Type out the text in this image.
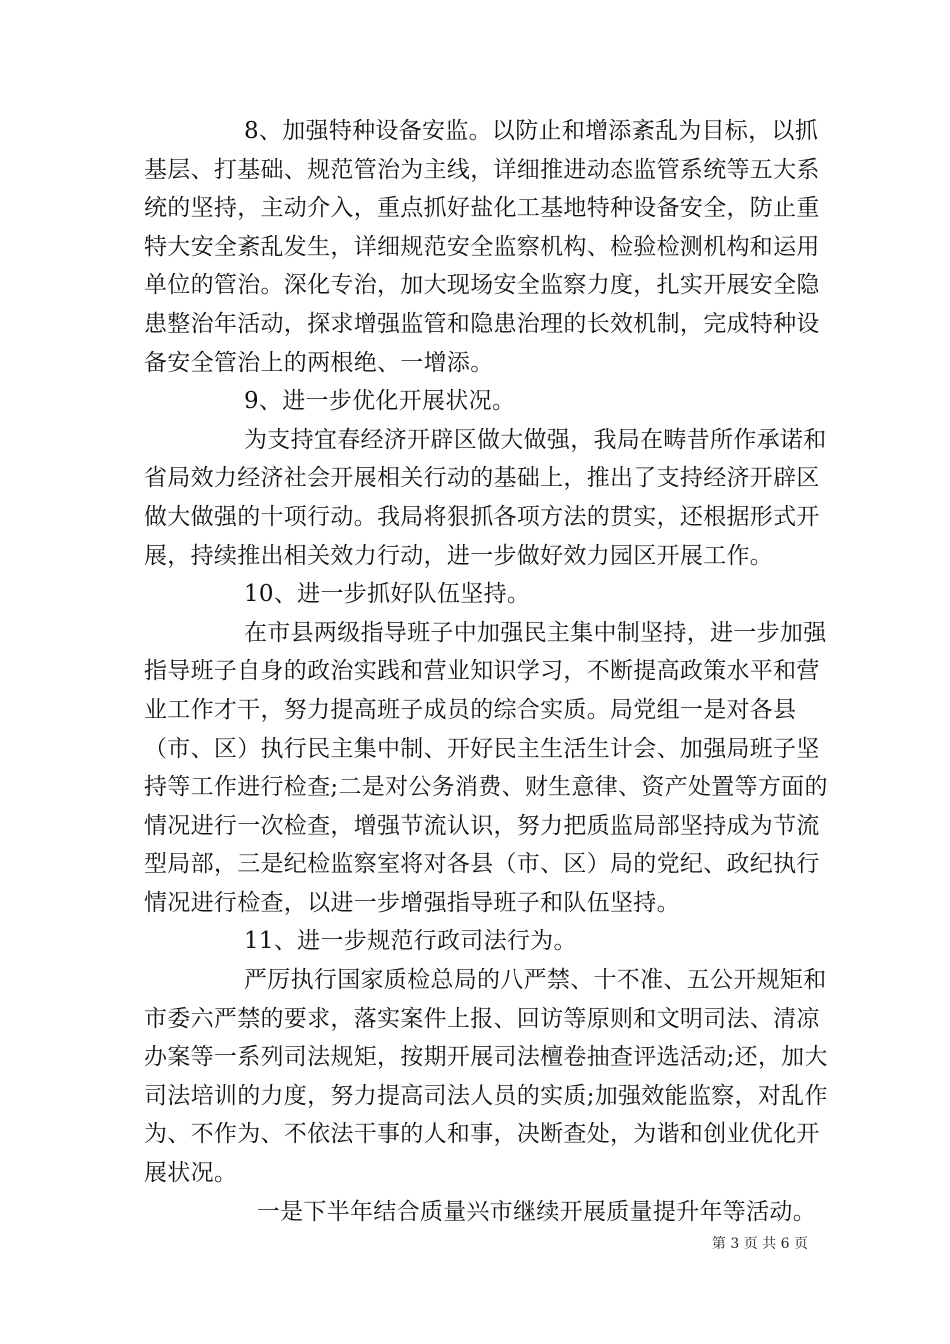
8、加强特种设备安监。以防止和增添紊乱为目标，以抓
基层、打基础、规范管治为主线，详细推进动态监管系统等五大系
统的坚持，主动介入，重点抓好盐化工基地特种设备安全，防止重
特大安全紊乱发生，详细规范安全监察机构、检验检测机构和运用
单位的管治。深化专治，加大现场安全监察力度，扎实开展安全隐
患整治年活动，探求增强监管和隐患治理的长效机制，完成特种设
备安全管治上的两根绝、一增添。
9、进一步优化开展状况。
为支持宜春经济开辟区做大做强，我局在畴昔所作承诺和
省局效力经济社会开展相关行动的基础上，推出了支持经济开辟区
做大做强的十项行动。我局将狠抓各项方法的贯实，还根据形式开
展，持续推出相关效力行动，进一步做好效力园区开展工作。
10、进一步抓好队伍坚持。
在市县两级指导班子中加强民主集中制坚持，进一步加强
指导班子自身的政治实践和营业知识学习，不断提高政策水平和营
业工作才干，努力提高班子成员的综合实质。局党组一是对各县
（市、区）执行民主集中制、开好民主生活生计会、加强局班子坚
持等工作进行检查;二是对公务消费、财生意律、资产处置等方面的
情况进行一次检查，增强节流认识，努力把质监局部坚持成为节流
型局部，三是纪检监察室将对各县（市、区）局的党纪、政纪执行
情况进行检查，以进一步增强指导班子和队伍坚持。
11、进一步规范行政司法行为。
严厉执行国家质检总局的八严禁、十不准、五公开规矩和
市委六严禁的要求，落实案件上报、回访等原则和文明司法、清凉
办案等一系列司法规矩，按期开展司法檀卷抽查评选活动;还，加大
司法培训的力度，努力提高司法人员的实质;加强效能监察，对乱作
为、不作为、不依法干事的人和事，决断查处，为谐和创业优化开
展状况。
一是下半年结合质量兴市继续开展质量提升年等活动。
第 3 页 共 6 页
